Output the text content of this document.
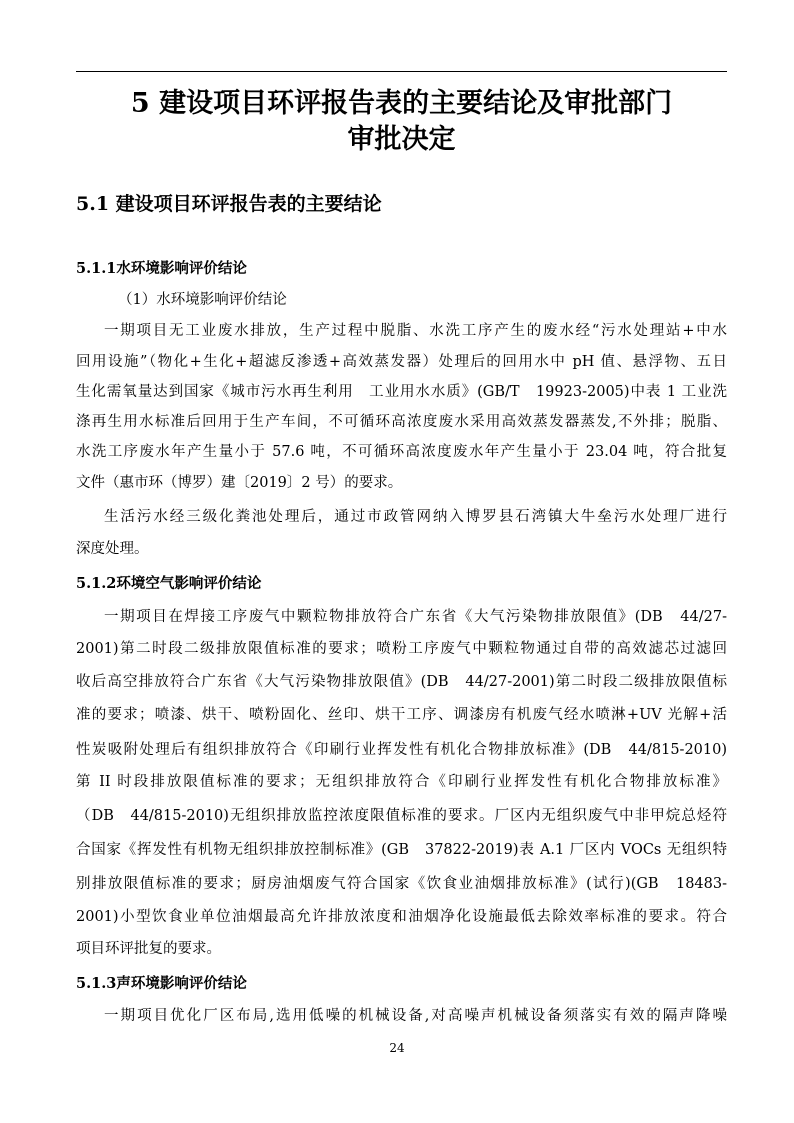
5 建设项目环评报告表的主要结论及审批部门
审批决定
5.1 建设项目环评报告表的主要结论
5.1.1水环境影响评价结论
（1）水环境影响评价结论
一期项目无工业废水排放，生产过程中脱脂、水洗工序产生的废水经“污水处理站+中水
回用设施”（物化+生化+超滤反渗透+高效蒸发器）处理后的回用水中 pH 值、悬浮物、五日
生化需氧量达到国家《城市污水再生利用　工业用水水质》(GB/T　19923-2005)中表 1 工业洗
涤再生用水标准后回用于生产车间，不可循环高浓度废水采用高效蒸发器蒸发,不外排；脱脂、
水洗工序废水年产生量小于 57.6 吨，不可循环高浓度废水年产生量小于 23.04 吨，符合批复
文件（惠市环（博罗）建〔2019〕2 号）的要求。
生活污水经三级化粪池处理后，通过市政管网纳入博罗县石湾镇大牛垒污水处理厂进行
深度处理。
5.1.2环境空气影响评价结论
一期项目在焊接工序废气中颗粒物排放符合广东省《大气污染物排放限值》(DB　44/27-
2001)第二时段二级排放限值标准的要求；喷粉工序废气中颗粒物通过自带的高效滤芯过滤回
收后高空排放符合广东省《大气污染物排放限值》(DB　44/27-2001)第二时段二级排放限值标
准的要求；喷漆、烘干、喷粉固化、丝印、烘干工序、调漆房有机废气经水喷淋+UV 光解+活
性炭吸附处理后有组织排放符合《印刷行业挥发性有机化合物排放标准》(DB　44/815-2010)
第 II 时段排放限值标准的要求；无组织排放符合《印刷行业挥发性有机化合物排放标准》
（DB　44/815-2010)无组织排放监控浓度限值标准的要求。厂区内无组织废气中非甲烷总烃符
合国家《挥发性有机物无组织排放控制标准》(GB　37822-2019)表 A.1 厂区内 VOCs 无组织特
别排放限值标准的要求；厨房油烟废气符合国家《饮食业油烟排放标准》(试行)(GB　18483-
2001)小型饮食业单位油烟最高允许排放浓度和油烟净化设施最低去除效率标准的要求。符合
项目环评批复的要求。
5.1.3声环境影响评价结论
一期项目优化厂区布局,选用低噪的机械设备,对高噪声机械设备须落实有效的隔声降噪
24
